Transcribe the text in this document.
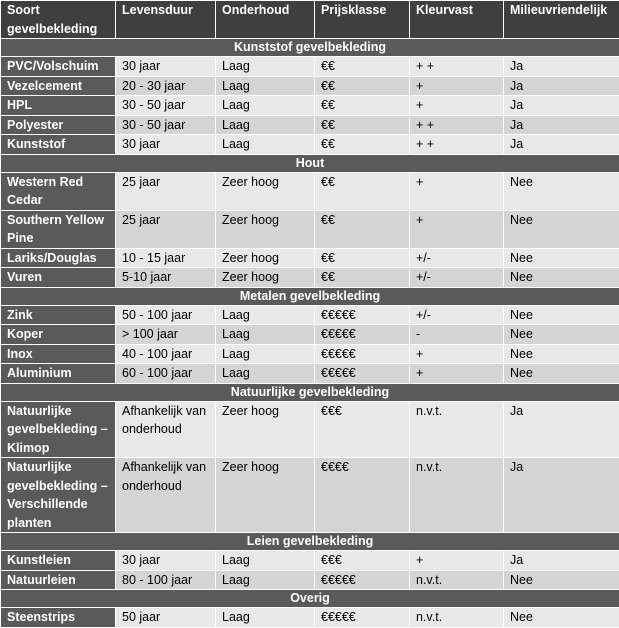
Soort gevelbekleding	Levensduur	Onderhoud	Prijsklasse	Kleurvast	Milieuvriendelijk
Kunststof gevelbekleding					
PVC/Volschuim	30 jaar	Laag	€€	+ +	Ja
Vezelcement	20 - 30 jaar	Laag	€€	+	Ja
HPL	30 - 50 jaar	Laag	€€	+	Ja
Polyester	30 - 50 jaar	Laag	€€	+ +	Ja
Kunststof	30 jaar	Laag	€€	+ +	Ja
Hout					
Western Red Cedar	25 jaar	Zeer hoog	€€	+	Nee
Southern Yellow Pine	25 jaar	Zeer hoog	€€	+	Nee
Lariks/Douglas	10 - 15 jaar	Zeer hoog	€€	+/-	Nee
Vuren	5-10 jaar	Zeer hoog	€€	+/-	Nee
Metalen gevelbekleding					
Zink	50 - 100 jaar	Laag	€€€€€	+/-	Nee
Koper	> 100 jaar	Laag	€€€€€	-	Nee
Inox	40 - 100 jaar	Laag	€€€€€	+	Nee
Aluminium	60 - 100 jaar	Laag	€€€€€	+	Nee
Natuurlijke gevelbekleding					
Natuurlijke gevelbekleding – Klimop	Afhankelijk van onderhoud	Zeer hoog	€€€	n.v.t.	Ja
Natuurlijke gevelbekleding – Verschillende planten	Afhankelijk van onderhoud	Zeer hoog	€€€€	n.v.t.	Ja
Leien gevelbekleding					
Kunstleien	30 jaar	Laag	€€€	+	Ja
Natuurleien	80 - 100 jaar	Laag	€€€€€	n.v.t.	Nee
Overig					
Steenstrips	50 jaar	Laag	€€€€€	n.v.t.	Nee
